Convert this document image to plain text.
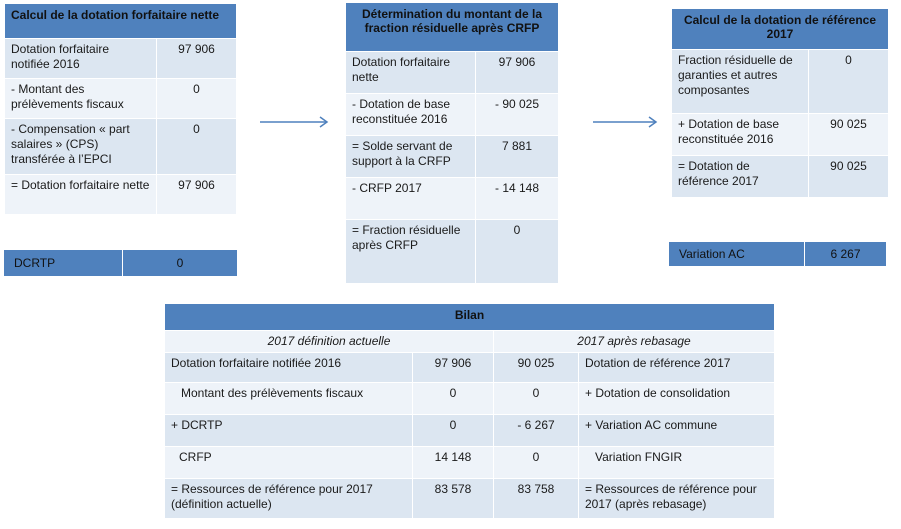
Calcul de la dotation forfaitaire nette	
Dotation forfaitaire notifiée 2016	97 906
- Montant des prélèvements fiscaux	0
- Compensation « part salaires » (CPS) transférée à l’EPCI	0
= Dotation forfaitaire nette	97 906
DCRTP	0
Détermination du montant de la fraction résiduelle après CRFP	
Dotation forfaitaire nette	97 906
- Dotation de base reconstituée 2016	- 90 025
= Solde servant de support à la CRFP	7 881
- CRFP 2017	- 14 148
= Fraction résiduelle après CRFP	0
Calcul de la dotation de référence 2017	
Fraction résiduelle de garanties et autres composantes	0
+ Dotation de base reconstituée 2016	90 025
= Dotation de référence 2017	90 025
Variation AC	6 267
Bilan			
2017 définition actuelle		2017 après rebasage	
Dotation forfaitaire notifiée 2016	97 906	90 025	Dotation de référence 2017
Montant des prélèvements fiscaux	0	0	+ Dotation de consolidation
+ DCRTP	0	- 6 267	+ Variation AC commune
CRFP	14 148	0	Variation FNGIR
= Ressources de référence pour 2017 (définition actuelle)	83 578	83 758	= Ressources de référence pour 2017 (après rebasage)
